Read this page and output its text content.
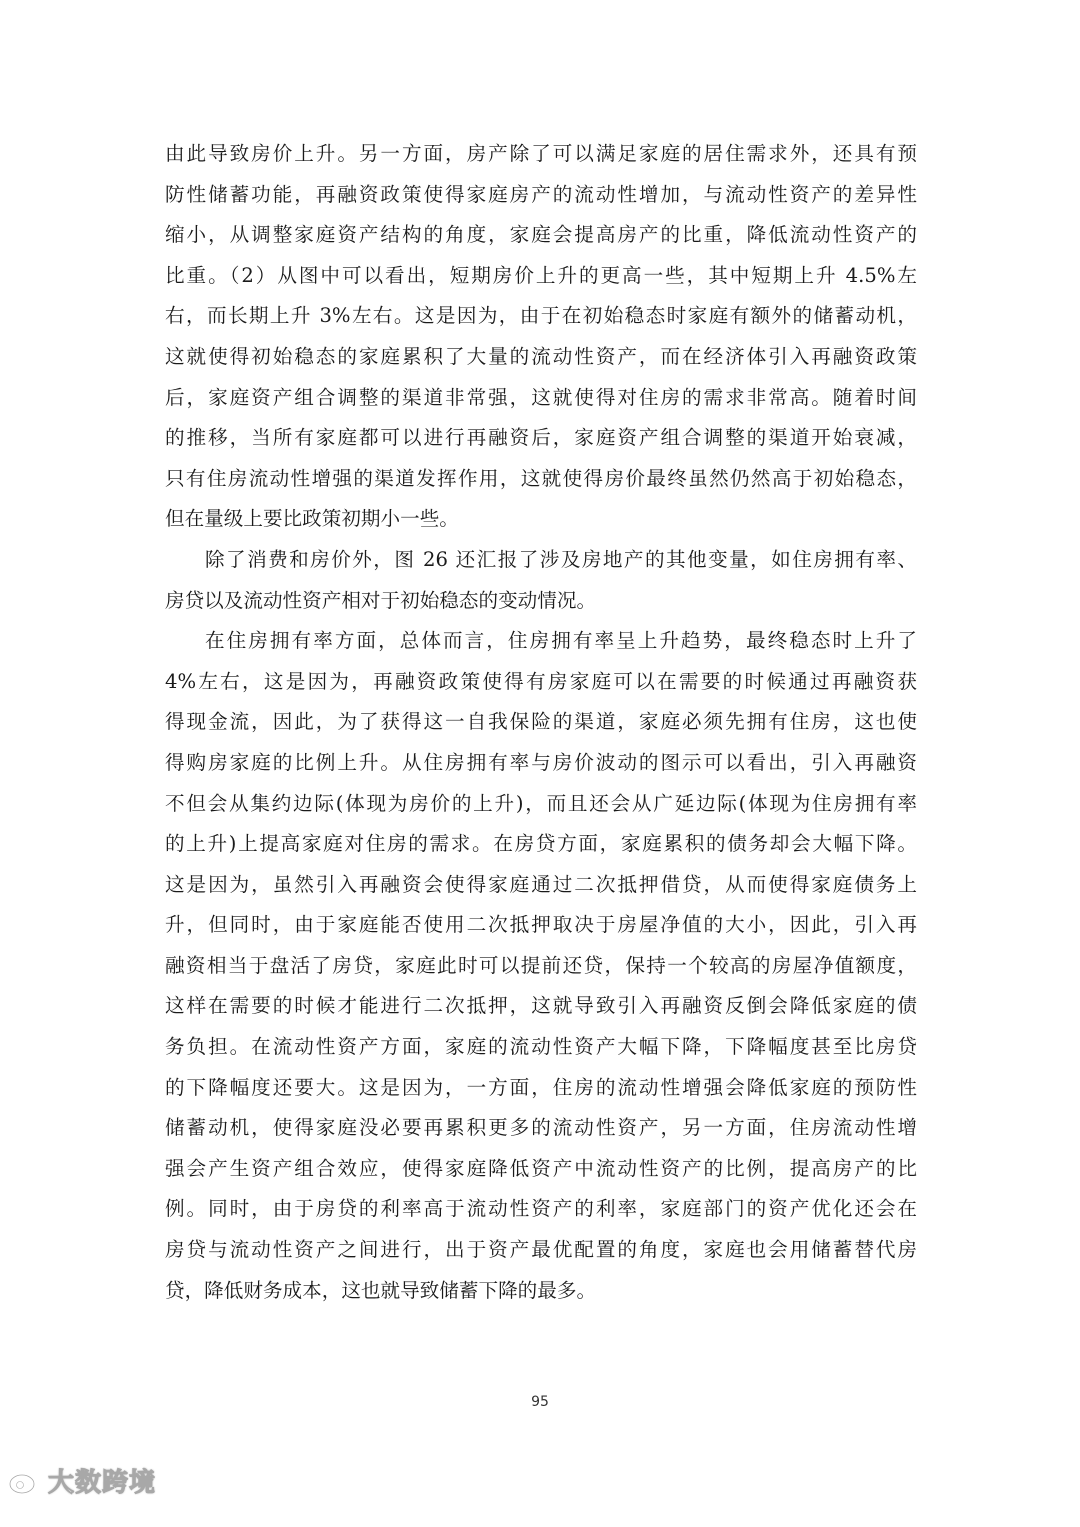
由此导致房价上升。另一方面，房产除了可以满足家庭的居住需求外，还具有预
防性储蓄功能，再融资政策使得家庭房产的流动性增加，与流动性资产的差异性
缩小，从调整家庭资产结构的角度，家庭会提高房产的比重，降低流动性资产的
比重。（2）从图中可以看出，短期房价上升的更高一些，其中短期上升 4.5%左
右，而长期上升 3%左右。这是因为，由于在初始稳态时家庭有额外的储蓄动机，
这就使得初始稳态的家庭累积了大量的流动性资产，而在经济体引入再融资政策
后，家庭资产组合调整的渠道非常强，这就使得对住房的需求非常高。随着时间
的推移，当所有家庭都可以进行再融资后，家庭资产组合调整的渠道开始衰减，
只有住房流动性增强的渠道发挥作用，这就使得房价最终虽然仍然高于初始稳态，
但在量级上要比政策初期小一些。
除了消费和房价外，图 26 还汇报了涉及房地产的其他变量，如住房拥有率、
房贷以及流动性资产相对于初始稳态的变动情况。
在住房拥有率方面，总体而言，住房拥有率呈上升趋势，最终稳态时上升了
4%左右，这是因为，再融资政策使得有房家庭可以在需要的时候通过再融资获
得现金流，因此，为了获得这一自我保险的渠道，家庭必须先拥有住房，这也使
得购房家庭的比例上升。从住房拥有率与房价波动的图示可以看出，引入再融资
不但会从集约边际(体现为房价的上升)，而且还会从广延边际(体现为住房拥有率
的上升)上提高家庭对住房的需求。在房贷方面，家庭累积的债务却会大幅下降。
这是因为，虽然引入再融资会使得家庭通过二次抵押借贷，从而使得家庭债务上
升，但同时，由于家庭能否使用二次抵押取决于房屋净值的大小，因此，引入再
融资相当于盘活了房贷，家庭此时可以提前还贷，保持一个较高的房屋净值额度，
这样在需要的时候才能进行二次抵押，这就导致引入再融资反倒会降低家庭的债
务负担。在流动性资产方面，家庭的流动性资产大幅下降，下降幅度甚至比房贷
的下降幅度还要大。这是因为，一方面，住房的流动性增强会降低家庭的预防性
储蓄动机，使得家庭没必要再累积更多的流动性资产，另一方面，住房流动性增
强会产生资产组合效应，使得家庭降低资产中流动性资产的比例，提高房产的比
例。同时，由于房贷的利率高于流动性资产的利率，家庭部门的资产优化还会在
房贷与流动性资产之间进行，出于资产最优配置的角度，家庭也会用储蓄替代房
贷，降低财务成本，这也就导致储蓄下降的最多。
95
大数跨境
